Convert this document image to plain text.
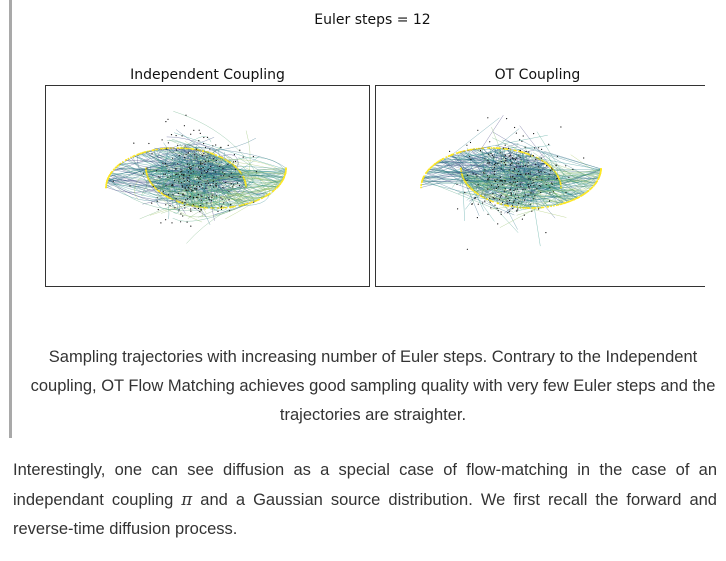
Euler steps = 12
Independent Coupling	OT Coupling
Sampling trajectories with increasing number of Euler steps. Contrary to the Independent coupling, OT Flow Matching achieves good sampling quality with very few Euler steps and the trajectories are straighter.
Interestingly, one can see diffusion as a special case of flow-matching in the case of an independant coupling π and a Gaussian source distribution. We first recall the forward and reverse-time diffusion process.
